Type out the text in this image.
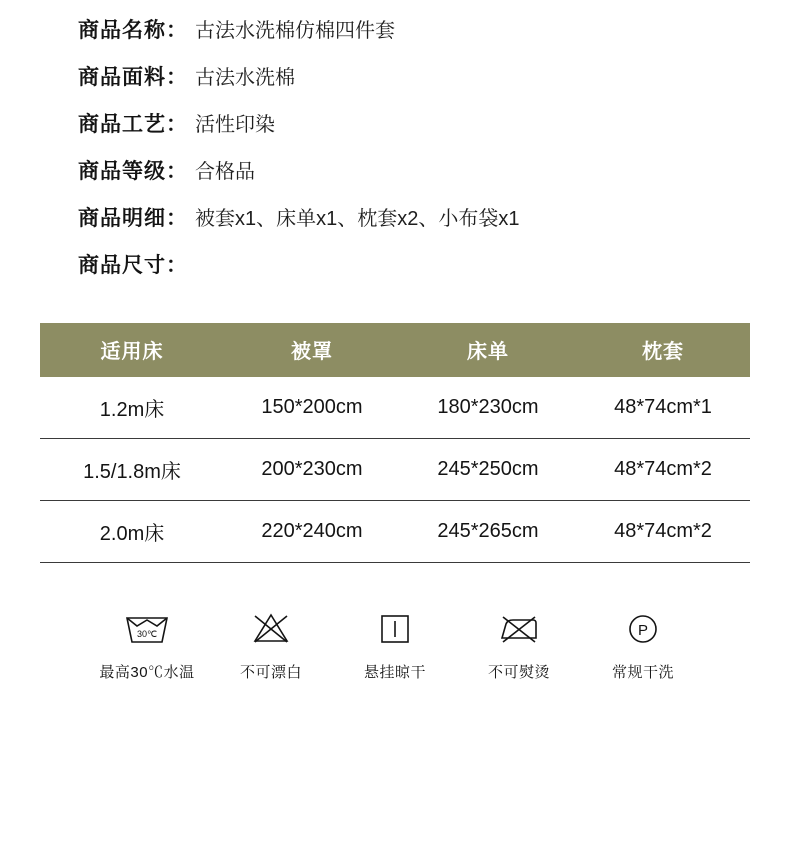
商品名称 ： 古法水洗棉仿棉四件套
商品面料 ： 古法水洗棉
商品工艺 ： 活性印染
商品等级 ： 合格品
商品明细 ： 被套x1、床单x1、枕套x2、小布袋x1
商品尺寸 ：
适用床	被罩	床单	枕套
1.2m床	150*200cm	180*230cm	48*74cm*1
1.5/1.8m床	200*230cm	245*250cm	48*74cm*2
2.0m床	220*240cm	245*265cm	48*74cm*2
30℃
最高30℃水温	不可漂白	悬挂晾干	不可熨烫
P
常规干洗
